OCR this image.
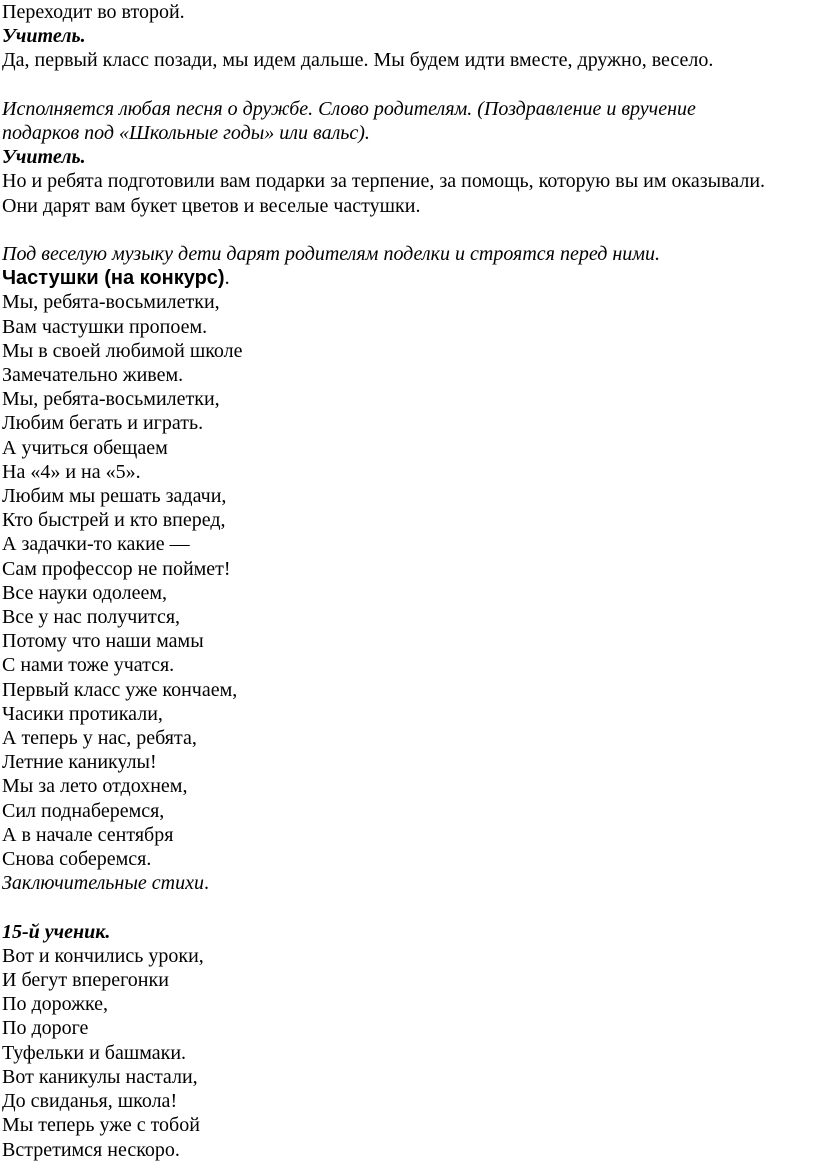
Переходит во второй.
Учитель.
Да, первый класс позади, мы идем дальше. Мы будем идти вместе, дружно, весело.
Исполняется любая песня о дружбе. Слово родителям. (Поздравление и вручение
подарков под «Школьные годы» или вальс).
Учитель.
Но и ребята подготовили вам подарки за терпение, за помощь, которую вы им оказывали.
Они дарят вам букет цветов и веселые частушки.
Под веселую музыку дети дарят родителям поделки и строятся перед ними.
Частушки (на конкурс).
Мы, ребята-восьмилетки,
Вам частушки пропоем.
Мы в своей любимой школе
Замечательно живем.
Мы, ребята-восьмилетки,
Любим бегать и играть.
А учиться обещаем
На «4» и на «5».
Любим мы решать задачи,
Кто быстрей и кто вперед,
А задачки-то какие —
Сам профессор не поймет!
Все науки одолеем,
Все у нас получится,
Потому что наши мамы
С нами тоже учатся.
Первый класс уже кончаем,
Часики протикали,
А теперь у нас, ребята,
Летние каникулы!
Мы за лето отдохнем,
Сил поднаберемся,
А в начале сентября
Снова соберемся.
Заключительные стихи.
15-й ученик.
Вот и кончились уроки,
И бегут вперегонки
По дорожке,
По дороге
Туфельки и башмаки.
Вот каникулы настали,
До свиданья, школа!
Мы теперь уже с тобой
Встретимся нескоро.
